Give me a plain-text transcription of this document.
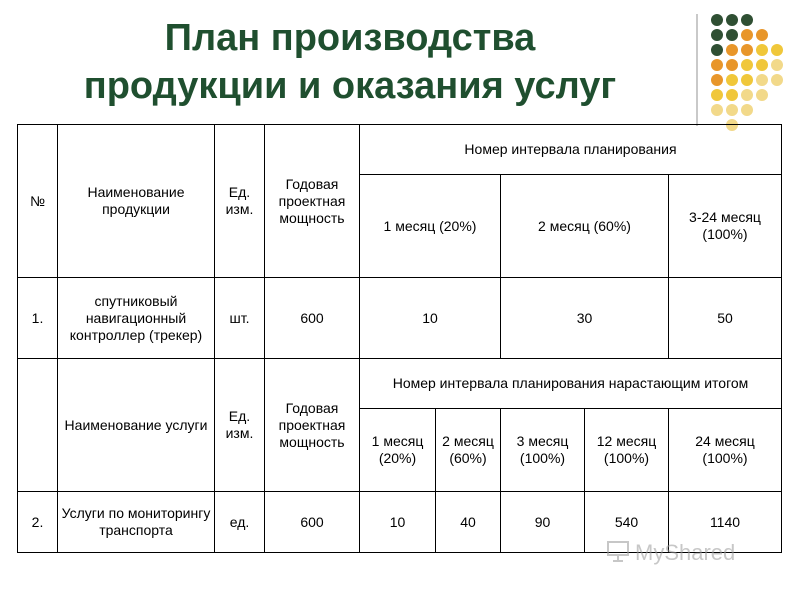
План производства
продукции и оказания услуг
№	Наименование продукции	Ед. изм.	Годовая проектная мощность	Номер интервала планирования				
				1 месяц (20%)		2 месяц (60%)		3-24 месяц (100%)
1.	спутниковый навигационный контроллер (трекер)	шт.	600	10		30		50
	Наименование услуги	Ед. изм.	Годовая проектная мощность	Номер интервала планирования нарастающим итогом				
				1 месяц (20%)	2 месяц (60%)	3 месяц (100%)	12 месяц (100%)	24 месяц (100%)
2.	Услуги по мониторингу транспорта	ед.	600	10	40	90	540	1140
MyShared
